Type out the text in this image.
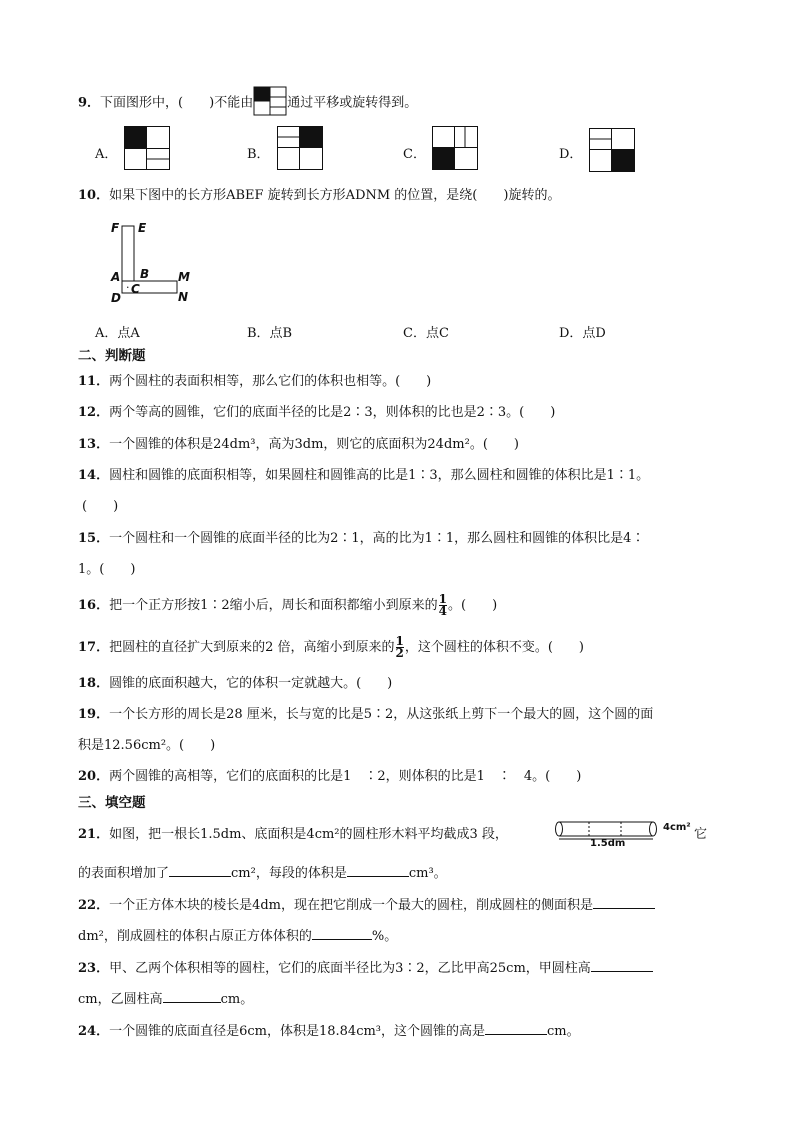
9．下面图形中，(　　)不能由	通过平移或旋转得到。
A．	B．	C．	D．
10．如果下图中的长方形ABEF 旋转到长方形ADNM 的位置，是绕(　　)旋转的。
F E
A B M
· C
D	N
A．点A	B．点B	C．点C	D．点D
二、判断题
11．两个圆柱的表面积相等，那么它们的体积也相等。(　　)
12．两个等高的圆锥，它们的底面半径的比是2∶3，则体积的比也是2∶3。(　　)
13．一个圆锥的体积是24dm³，高为3dm，则它的底面积为24dm²。(　　)
14．圆柱和圆锥的底面积相等，如果圆柱和圆锥高的比是1∶3，那么圆柱和圆锥的体积比是1∶1。
(　　)
15．一个圆柱和一个圆锥的底面半径的比为2∶1，高的比为1∶1，那么圆柱和圆锥的体积比是4∶
1。(　　)
16．把一个正方形按1∶2缩小后，周长和面积都缩小到原来的 $\frac{1}{4}$ 。(　　)
17．把圆柱的直径扩大到原来的2 倍，高缩小到原来的 $\frac{1}{2}$ ，这个圆柱的体积不变。(　　)
18．圆锥的底面积越大，它的体积一定就越大。(　　)
19．一个长方形的周长是28 厘米，长与宽的比是5∶2，从这张纸上剪下一个最大的圆，这个圆的面
积是12.56cm²。(　　)
20．两个圆锥的高相等，它们的底面积的比是1　∶2，则体积的比是1　∶　4。(　　)
三、填空题
21．如图，把一根长1.5dm、底面积是4cm²的圆柱形木料平均截成3 段，
1.5dm
4cm² 它
的表面积增加了	cm²，每段的体积是	cm³。
22．一个正方体木块的棱长是4dm，现在把它削成一个最大的圆柱，削成圆柱的侧面积是
dm²，削成圆柱的体积占原正方体体积的	%。
23．甲、乙两个体积相等的圆柱，它们的底面半径比为3∶2，乙比甲高25cm，甲圆柱高
cm，乙圆柱高	cm。
24．一个圆锥的底面直径是6cm，体积是18.84cm³，这个圆锥的高是	cm。
